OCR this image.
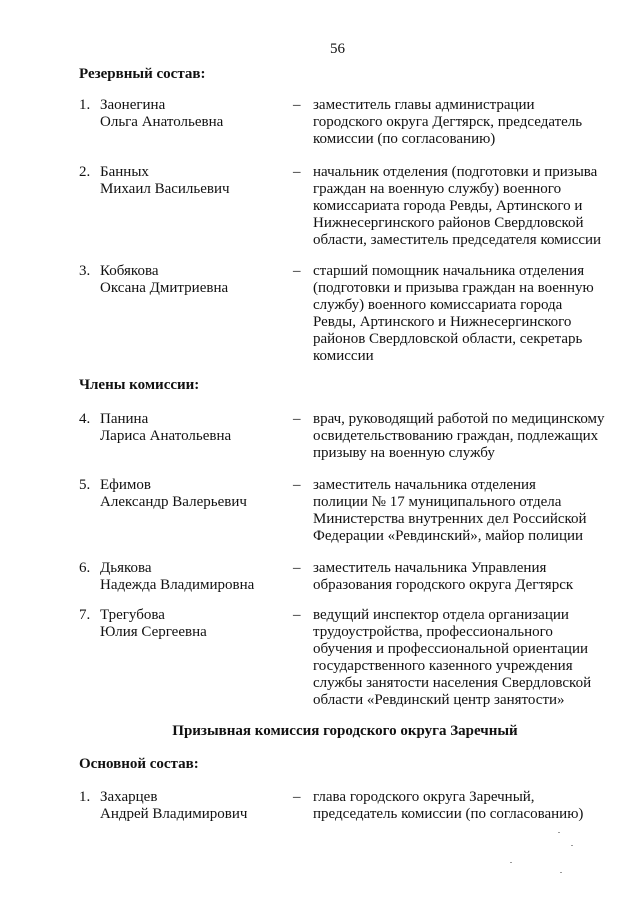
56
Резервный состав:
1. Заонегина
Ольга Анатольевна
– заместитель главы администрации
городского округа Дегтярск, председатель
комиссии (по согласованию)
2. Банных
Михаил Васильевич
– начальник отделения (подготовки и призыва
граждан на военную службу) военного
комиссариата города Ревды, Артинского и
Нижнесергинского районов Свердловской
области, заместитель председателя комиссии
3. Кобякова
Оксана Дмитриевна
– старший помощник начальника отделения
(подготовки и призыва граждан на военную
службу) военного комиссариата города
Ревды, Артинского и Нижнесергинского
районов Свердловской области, секретарь
комиссии
Члены комиссии:
4. Панина
Лариса Анатольевна
– врач, руководящий работой по медицинскому
освидетельствованию граждан, подлежащих
призыву на военную службу
5. Ефимов
Александр Валерьевич
– заместитель начальника отделения
полиции № 17 муниципального отдела
Министерства внутренних дел Российской
Федерации «Ревдинский», майор полиции
6. Дьякова
Надежда Владимировна
– заместитель начальника Управления
образования городского округа Дегтярск
7. Трегубова
Юлия Сергеевна
– ведущий инспектор отдела организации
трудоустройства, профессионального
обучения и профессиональной ориентации
государственного казенного учреждения
службы занятости населения Свердловской
области «Ревдинский центр занятости»
Призывная комиссия городского округа Заречный
Основной состав:
1. Захарцев
Андрей Владимирович
– глава городского округа Заречный,
председатель комиссии (по согласованию)
